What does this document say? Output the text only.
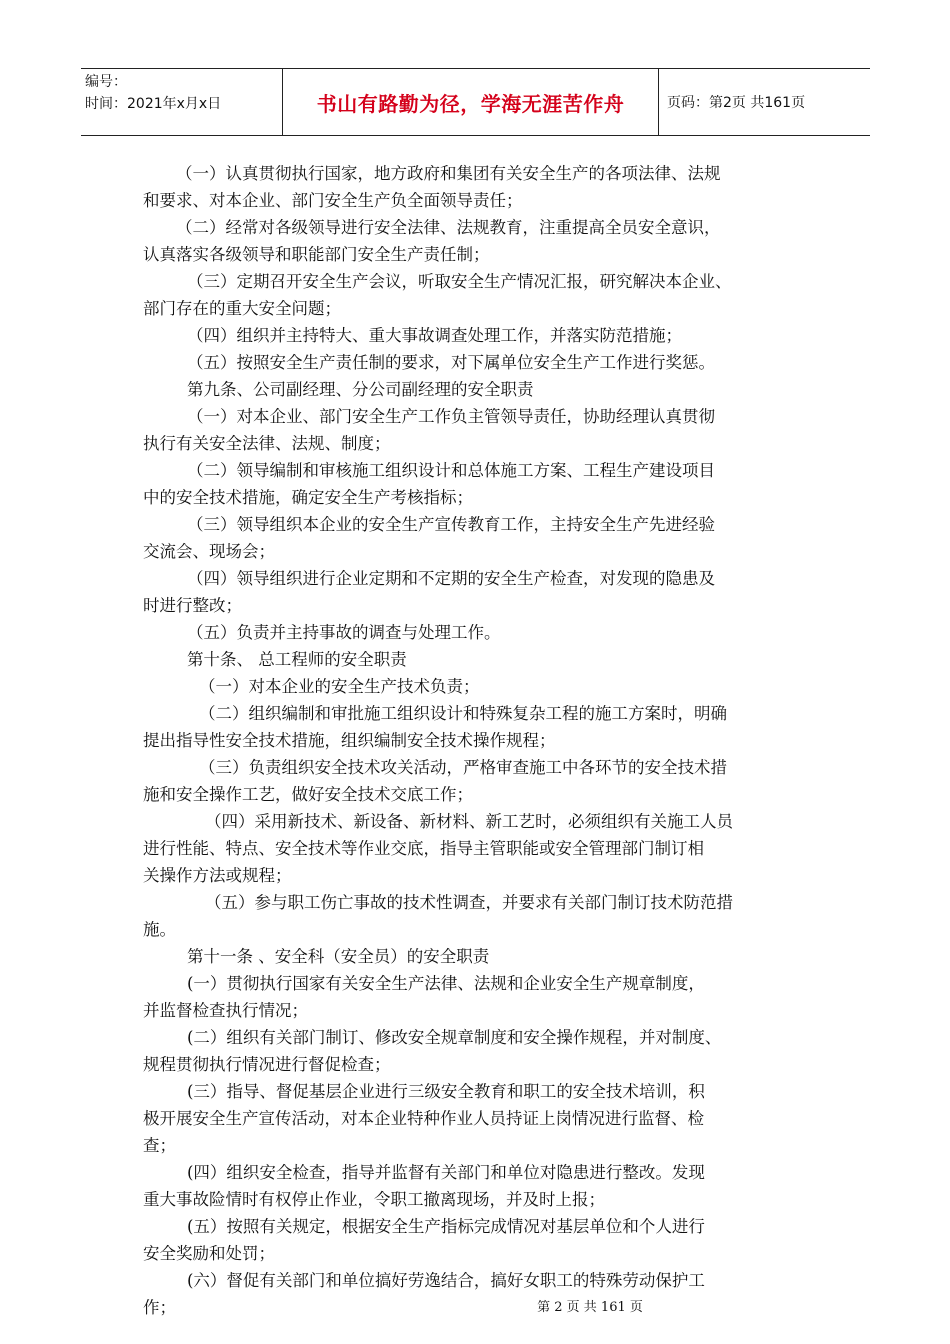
编号：
时间：2021年x月x日	书山有路勤为径，学海无涯苦作舟	页码：第2页 共161页
（一）认真贯彻执行国家，地方政府和集团有关安全生产的各项法律、法规
和要求、对本企业、部门安全生产负全面领导责任；
（二）经常对各级领导进行安全法律、法规教育，注重提高全员安全意识，
认真落实各级领导和职能部门安全生产责任制；
（三）定期召开安全生产会议，听取安全生产情况汇报，研究解决本企业、
部门存在的重大安全问题；
（四）组织并主持特大、重大事故调查处理工作，并落实防范措施；
（五）按照安全生产责任制的要求，对下属单位安全生产工作进行奖惩。
第九条、公司副经理、分公司副经理的安全职责
（一）对本企业、部门安全生产工作负主管领导责任，协助经理认真贯彻
执行有关安全法律、法规、制度；
（二）领导编制和审核施工组织设计和总体施工方案、工程生产建设项目
中的安全技术措施，确定安全生产考核指标；
（三）领导组织本企业的安全生产宣传教育工作，主持安全生产先进经验
交流会、现场会；
（四）领导组织进行企业定期和不定期的安全生产检查，对发现的隐患及
时进行整改；
（五）负责并主持事故的调查与处理工作。
第十条、 总工程师的安全职责
（一）对本企业的安全生产技术负责；
（二）组织编制和审批施工组织设计和特殊复杂工程的施工方案时，明确
提出指导性安全技术措施，组织编制安全技术操作规程；
（三）负责组织安全技术攻关活动，严格审查施工中各环节的安全技术措
施和安全操作工艺，做好安全技术交底工作；
（四）采用新技术、新设备、新材料、新工艺时，必须组织有关施工人员
进行性能、特点、安全技术等作业交底，指导主管职能或安全管理部门制订相
关操作方法或规程；
（五）参与职工伤亡事故的技术性调查，并要求有关部门制订技术防范措
施。
第十一条 、安全科（安全员）的安全职责
(一）贯彻执行国家有关安全生产法律、法规和企业安全生产规章制度，
并监督检查执行情况；
(二）组织有关部门制订、修改安全规章制度和安全操作规程，并对制度、
规程贯彻执行情况进行督促检查；
(三）指导、督促基层企业进行三级安全教育和职工的安全技术培训，积
极开展安全生产宣传活动，对本企业特种作业人员持证上岗情况进行监督、检
查；
(四）组织安全检查，指导并监督有关部门和单位对隐患进行整改。发现
重大事故险情时有权停止作业，令职工撤离现场，并及时上报；
(五）按照有关规定，根据安全生产指标完成情况对基层单位和个人进行
安全奖励和处罚；
(六）督促有关部门和单位搞好劳逸结合，搞好女职工的特殊劳动保护工
作；	第 2 页 共 161 页
